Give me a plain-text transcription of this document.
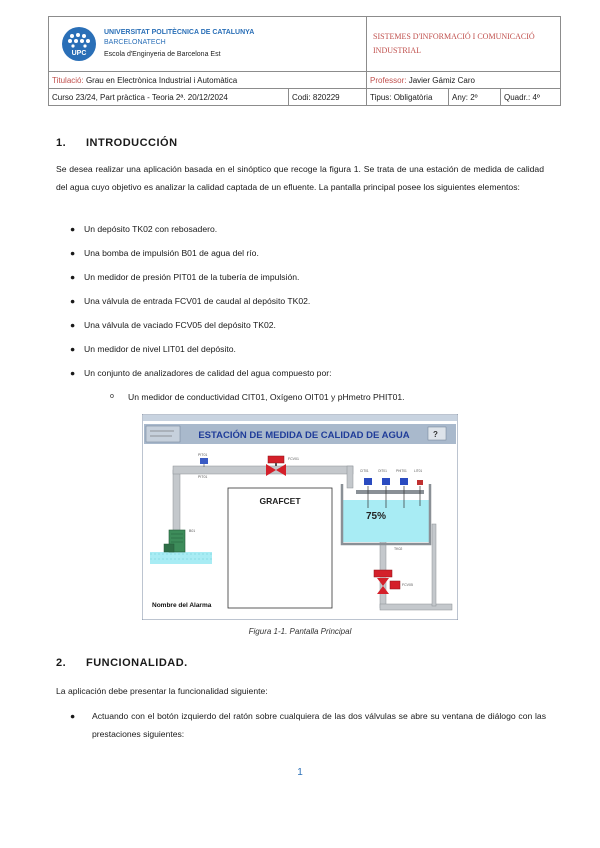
UPC
UNIVERSITAT POLITÈCNICA DE CATALUNYA
BARCELONATECH
Escola d'Enginyeria de Barcelona Est		SISTEMES D'INFORMACIÓ I COMUNICACIÓ INDUSTRIAL		
Titulació: Grau en Electrònica Industrial i Automàtica		Professor: Javier Gámiz Caro		
Curso 23/24, Part pràctica - Teoria 2ª. 20/12/2024	Codi: 820229	Tipus: Obligatòria	Any: 2º	Quadr.: 4º
1. INTRODUCCIÓN

Se desea realizar una aplicación basada en el sinóptico que recoge la figura 1. Se trata de una estación de medida de calidad del agua cuyo objetivo es analizar la calidad captada de un efluente. La pantalla principal posee los siguientes elementos:

● Un depósito TK02 con rebosadero.
● Una bomba de impulsión B01 de agua del río.
● Un medidor de presión PIT01 de la tubería de impulsión.
● Una válvula de entrada FCV01 de caudal al depósito TK02.
● Una válvula de vaciado FCV05 del depósito TK02.
● Un medidor de nivel LIT01 del depósito.
● Un conjunto de analizadores de calidad del agua compuesto por:
o Un medidor de conductividad CIT01, Oxígeno OIT01 y pHmetro PHIT01.
ESTACIÓN DE MEDIDA DE CALIDAD DE AGUA	?
B01
PIT01
PIT01
FCV01
GRAFCET
75%
TK02
CIT01	OIT01	PHIT01 LIT01
FCV05
Nombre del Alarma
Figura 1-1. Pantalla Principal
2. FUNCIONALIDAD.

La aplicación debe presentar la funcionalidad siguiente:

● Actuando con el botón izquierdo del ratón sobre cualquiera de las dos válvulas se abre su ventana de diálogo con las prestaciones siguientes:
1
